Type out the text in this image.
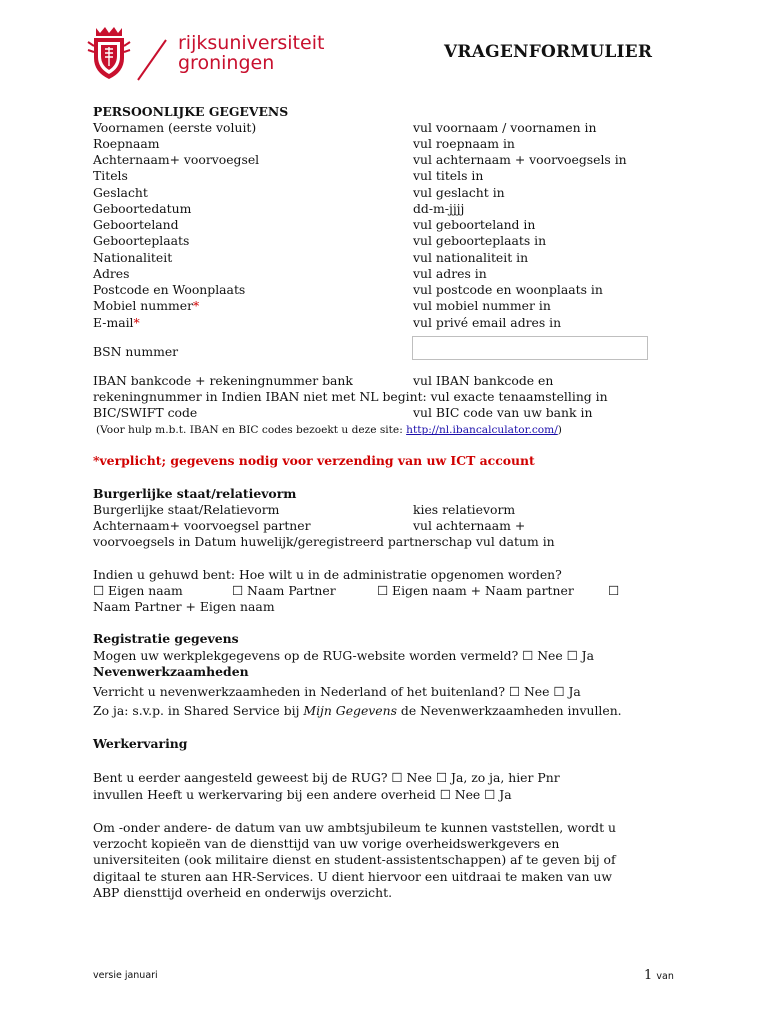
rijksuniversiteit
groningen	VRAGENFORMULIER
PERSOONLIJKE GEGEVENS
Voornamen (eerste voluit)	vul voornaam / voornamen in
Roepnaam	vul roepnaam in
Achternaam+ voorvoegsel	vul achternaam + voorvoegsels in
Titels	vul titels in
Geslacht	vul geslacht in
Geboortedatum	dd-m-jjjj
Geboorteland	vul geboorteland in
Geboorteplaats	vul geboorteplaats in
Nationaliteit	vul nationaliteit in
Adres	vul adres in
Postcode en Woonplaats	vul postcode en woonplaats in
Mobiel nummer*	vul mobiel nummer in
E-mail*	vul privé email adres in
BSN nummer
IBAN bankcode + rekeningnummer bank	vul IBAN bankcode en
rekeningnummer in Indien IBAN niet met NL begint: vul exacte tenaamstelling in
BIC/SWIFT code	vul BIC code van uw bank in
(Voor hulp m.b.t. IBAN en BIC codes bezoekt u deze site: http://nl.ibancalculator.com/)
*verplicht; gegevens nodig voor verzending van uw ICT account
Burgerlijke staat/relatievorm
Burgerlijke staat/Relatievorm	kies relatievorm
Achternaam+ voorvoegsel partner	vul achternaam +
voorvoegsels in Datum huwelijk/geregistreerd partnerschap vul datum in
Indien u gehuwd bent: Hoe wilt u in de administratie opgenomen worden?
☐ Eigen naam	☐ Naam Partner	☐ Eigen naam + Naam partner	☐
Naam Partner + Eigen naam
Registratie gegevens
Mogen uw werkplekgegevens op de RUG-website worden vermeld? ☐ Nee ☐ Ja
Nevenwerkzaamheden
Verricht u nevenwerkzaamheden in Nederland of het buitenland? ☐ Nee ☐ Ja
Zo ja: s.v.p. in Shared Service bij Mijn Gegevens de Nevenwerkzaamheden invullen.
Werkervaring
Bent u eerder aangesteld geweest bij de RUG? ☐ Nee ☐ Ja, zo ja, hier Pnr
invullen Heeft u werkervaring bij een andere overheid ☐ Nee ☐ Ja
Om -onder andere- de datum van uw ambtsjubileum te kunnen vaststellen, wordt u
verzocht kopieën van de diensttijd van uw vorige overheidswerkgevers en
universiteiten (ook militaire dienst en student-assistentschappen) af te geven bij of
digitaal te sturen aan HR-Services. U dient hiervoor een uitdraai te maken van uw
ABP diensttijd overheid en onderwijs overzicht.
versie januari	1 van
